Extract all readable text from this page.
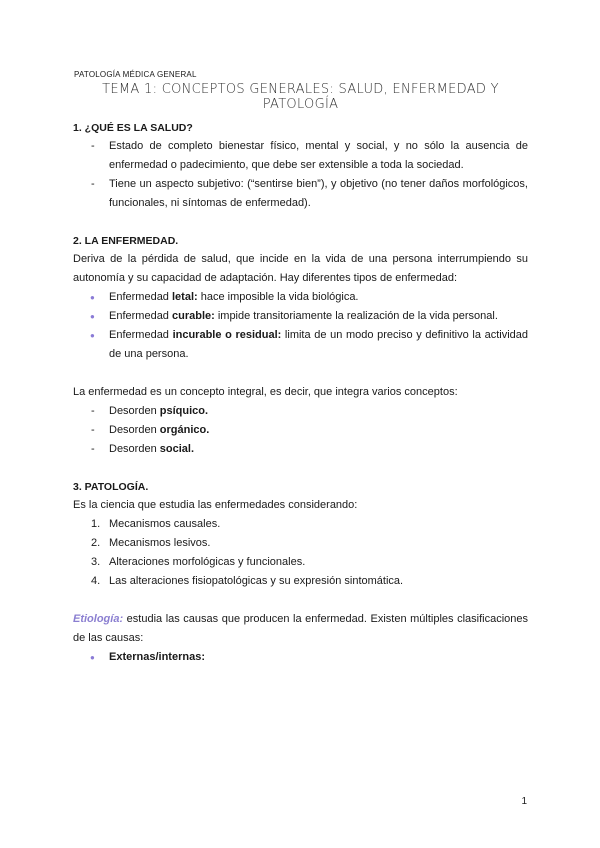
PATOLOGÍA MÉDICA GENERAL
TEMA 1: CONCEPTOS GENERALES: SALUD, ENFERMEDAD Y PATOLOGÍA
1. ¿QUÉ ES LA SALUD?
- Estado de completo bienestar físico, mental y social, y no sólo la ausencia de enfermedad o padecimiento, que debe ser extensible a toda la sociedad.
- Tiene un aspecto subjetivo: (“sentirse bien”), y objetivo (no tener daños morfológicos, funcionales, ni síntomas de enfermedad).
2. LA ENFERMEDAD.

Deriva de la pérdida de salud, que incide en la vida de una persona interrumpiendo su autonomía y su capacidad de adaptación. Hay diferentes tipos de enfermedad:

● Enfermedad letal: hace imposible la vida biológica.
● Enfermedad curable: impide transitoriamente la realización de la vida personal.
● Enfermedad incurable o residual: limita de un modo preciso y definitivo la actividad de una persona.

La enfermedad es un concepto integral, es decir, que integra varios conceptos:

- Desorden psíquico.
- Desorden orgánico.
- Desorden social.
3. PATOLOGÍA.

Es la ciencia que estudia las enfermedades considerando:

1. Mecanismos causales.
2. Mecanismos lesivos.
3. Alteraciones morfológicas y funcionales.
4. Las alteraciones fisiopatológicas y su expresión sintomática.

Etiología: estudia las causas que producen la enfermedad. Existen múltiples clasificaciones de las causas:

● Externas/internas:
1
